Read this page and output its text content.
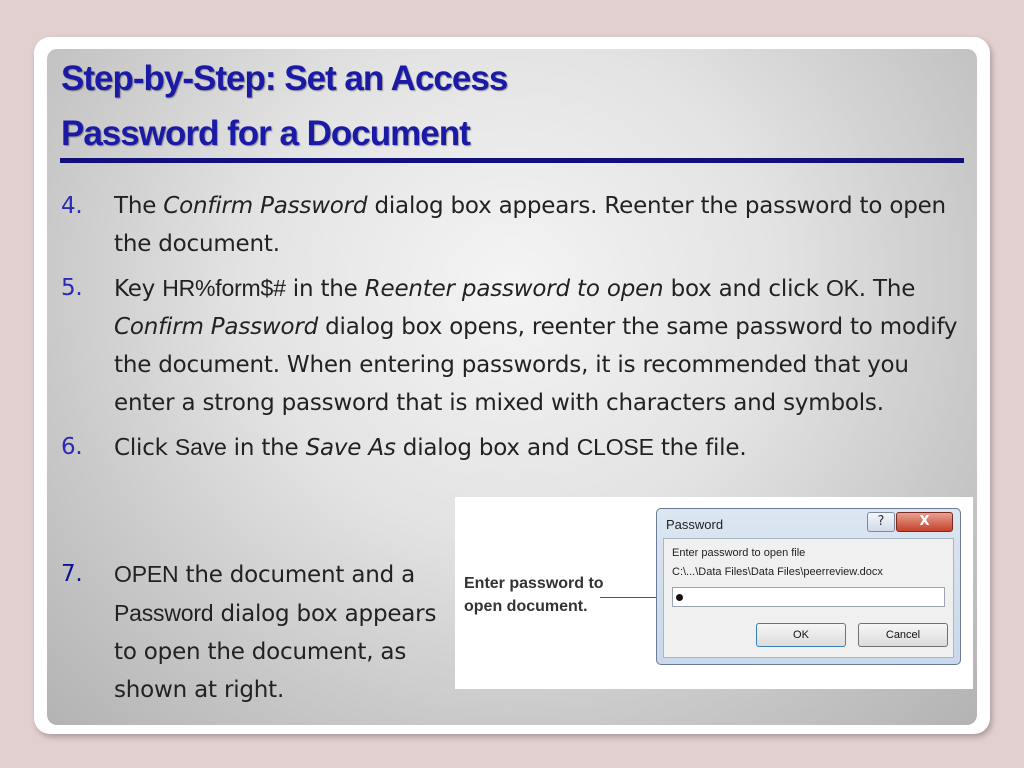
Step-by-Step: Set an Access
Password for a Document
4.	The Confirm Password dialog box appears. Reenter the password to open the document.
5.	Key HR%form$# in the Reenter password to open box and click OK. The Confirm Password dialog box opens, reenter the same password to modify the document. When entering passwords, it is recommended that you enter a strong password that is mixed with characters and symbols.
6.	Click Save in the Save As dialog box and CLOSE the file.
7.	OPEN the document and a Password dialog box appears to open the document, as shown at right.
Enter password to open document.
Password	?	X
Enter password to open file
C:\...\Data Files\Data Files\peerreview.docx
OK	Cancel
